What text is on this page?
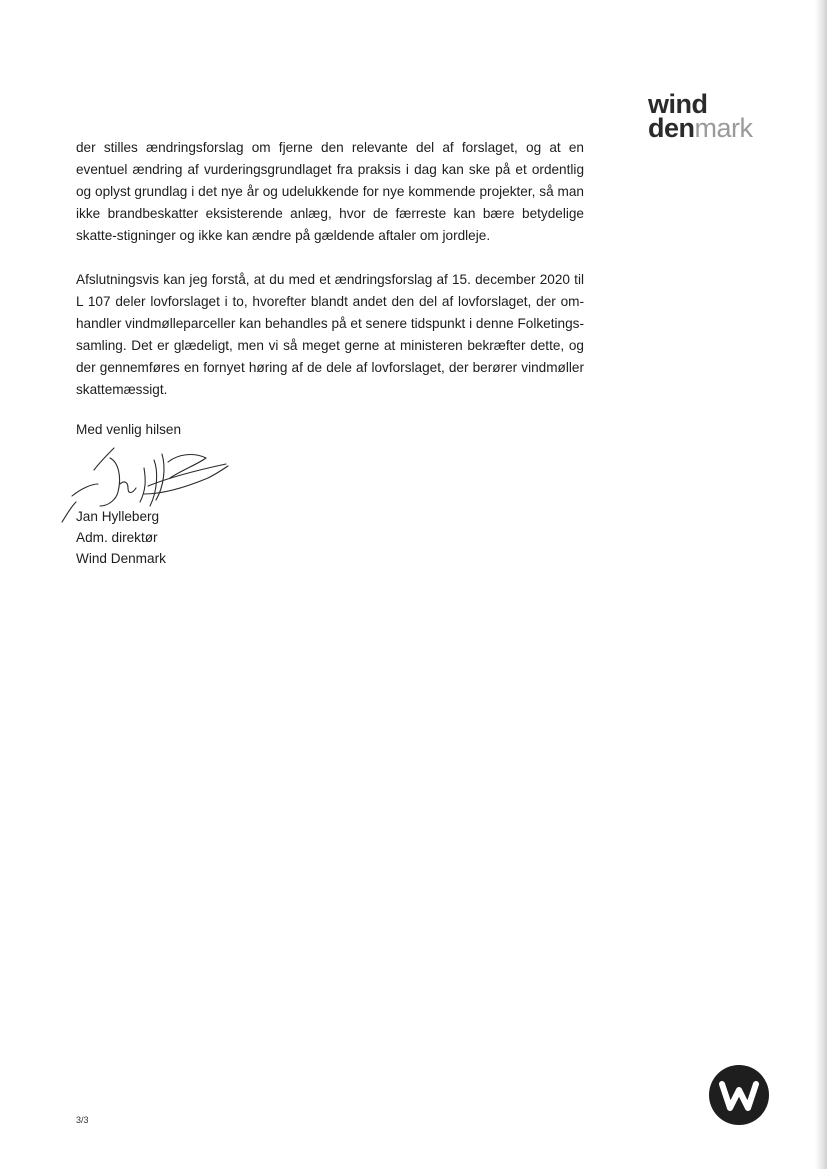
wind
denmark

der stilles ændringsforslag om fjerne den relevante del af forslaget, og at en eventuel ændring af vurderingsgrundlaget fra praksis i dag kan ske på et ordentlig og oplyst grundlag i det nye år og udelukkende for nye kommende projekter, så man ikke brandbeskatter eksisterende anlæg, hvor de færreste kan bære betydelige skatte-stigninger og ikke kan ændre på gældende aftaler om jordleje.

Afslutningsvis kan jeg forstå, at du med et ændringsforslag af 15. december 2020 til L 107 deler lovforslaget i to, hvorefter blandt andet den del af lovforslaget, der om-handler vindmølleparceller kan behandles på et senere tidspunkt i denne Folketings-samling. Det er glædeligt, men vi så meget gerne at ministeren bekræfter dette, og der gennemføres en fornyet høring af de dele af lovforslaget, der berører vindmøller skattemæssigt.

Med venlig hilsen
Jan Hylleberg
Adm. direktør
Wind Denmark
3/3
